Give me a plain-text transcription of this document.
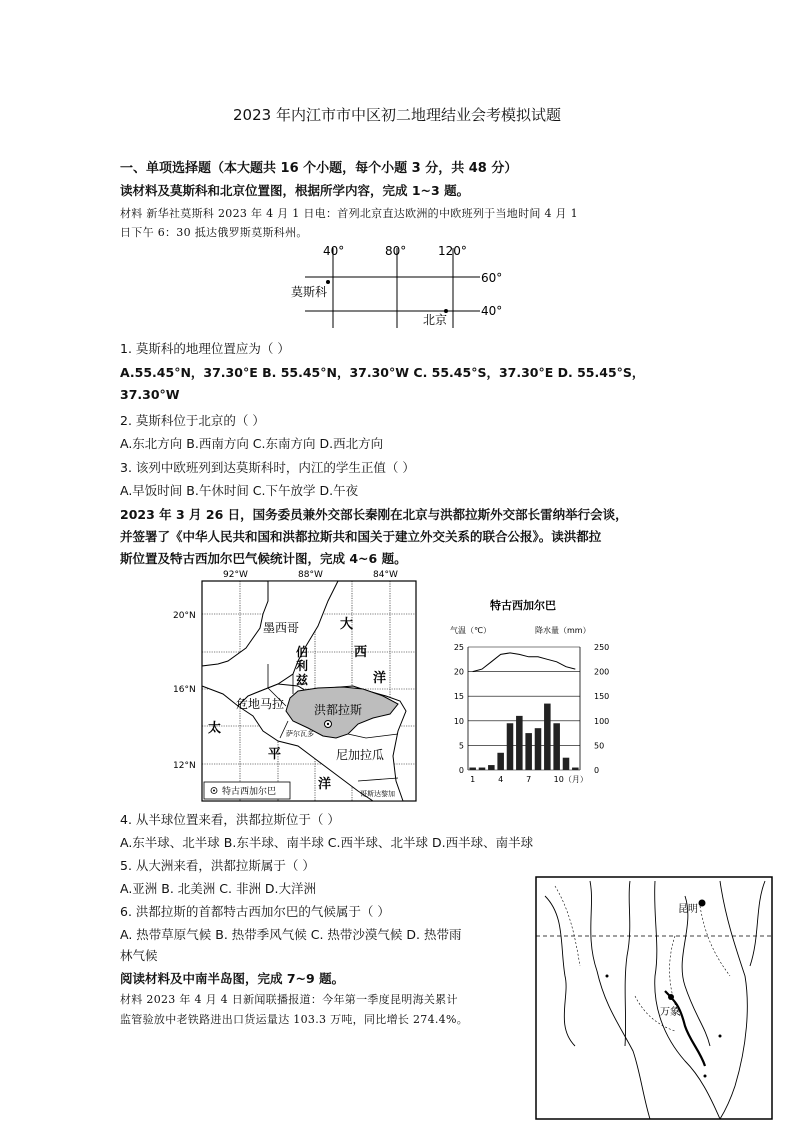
2023 年内江市市中区初二地理结业会考模拟试题
一、单项选择题（本大题共 16 个小题，每个小题 3 分，共 48 分）
读材料及莫斯科和北京位置图，根据所学内容，完成 1~3 题。
材料 新华社莫斯科 2023 年 4 月 1 日电：首列北京直达欧洲的中欧班列于当地时间 4 月 1
日下午 6：30 抵达俄罗斯莫斯科州。
40°	80°	120°
60°
40°
莫斯科
北京
1. 莫斯科的地理位置应为（ ）
A.55.45°N，37.30°E B. 55.45°N，37.30°W C. 55.45°S，37.30°E D. 55.45°S，
37.30°W
2. 莫斯科位于北京的（ ）
A.东北方向 B.西南方向 C.东南方向 D.西北方向
3. 该列中欧班列到达莫斯科时，内江的学生正值（ ）
A.早饭时间 B.午休时间 C.下午放学 D.午夜
2023 年 3 月 26 日，国务委员兼外交部长秦刚在北京与洪都拉斯外交部长雷纳举行会谈，
并签署了《中华人民共和国和洪都拉斯共和国关于建立外交关系的联合公报》。读洪都拉
斯位置及特古西加尔巴气候统计图，完成 4~6 题。
92°W	88°W	84°W
20°N
16°N
12°N
墨西哥
伯
利
兹
危地马拉 洪都拉斯
萨尔瓦多
尼加拉瓜
哥斯达黎加
大
西
洋
太
平
洋
特古西加尔巴
特古西加尔巴
气温（℃）	降水量（mm）
0	0
5	50
10	100
15	150
20	200
25	250
1	4	7	10（月）
4. 从半球位置来看，洪都拉斯位于（ ）
A.东半球、北半球 B.东半球、南半球 C.西半球、北半球 D.西半球、南半球
5. 从大洲来看，洪都拉斯属于（ ）
A.亚洲 B. 北美洲 C. 非洲 D.大洋洲
6. 洪都拉斯的首都特古西加尔巴的气候属于（ ）
A. 热带草原气候 B. 热带季风气候 C. 热带沙漠气候 D. 热带雨
林气候
阅读材料及中南半岛图，完成 7~9 题。
材料 2023 年 4 月 4 日新闻联播报道：今年第一季度昆明海关累计
监管验放中老铁路进出口货运量达 103.3 万吨，同比增长 274.4%。
昆明
万象
